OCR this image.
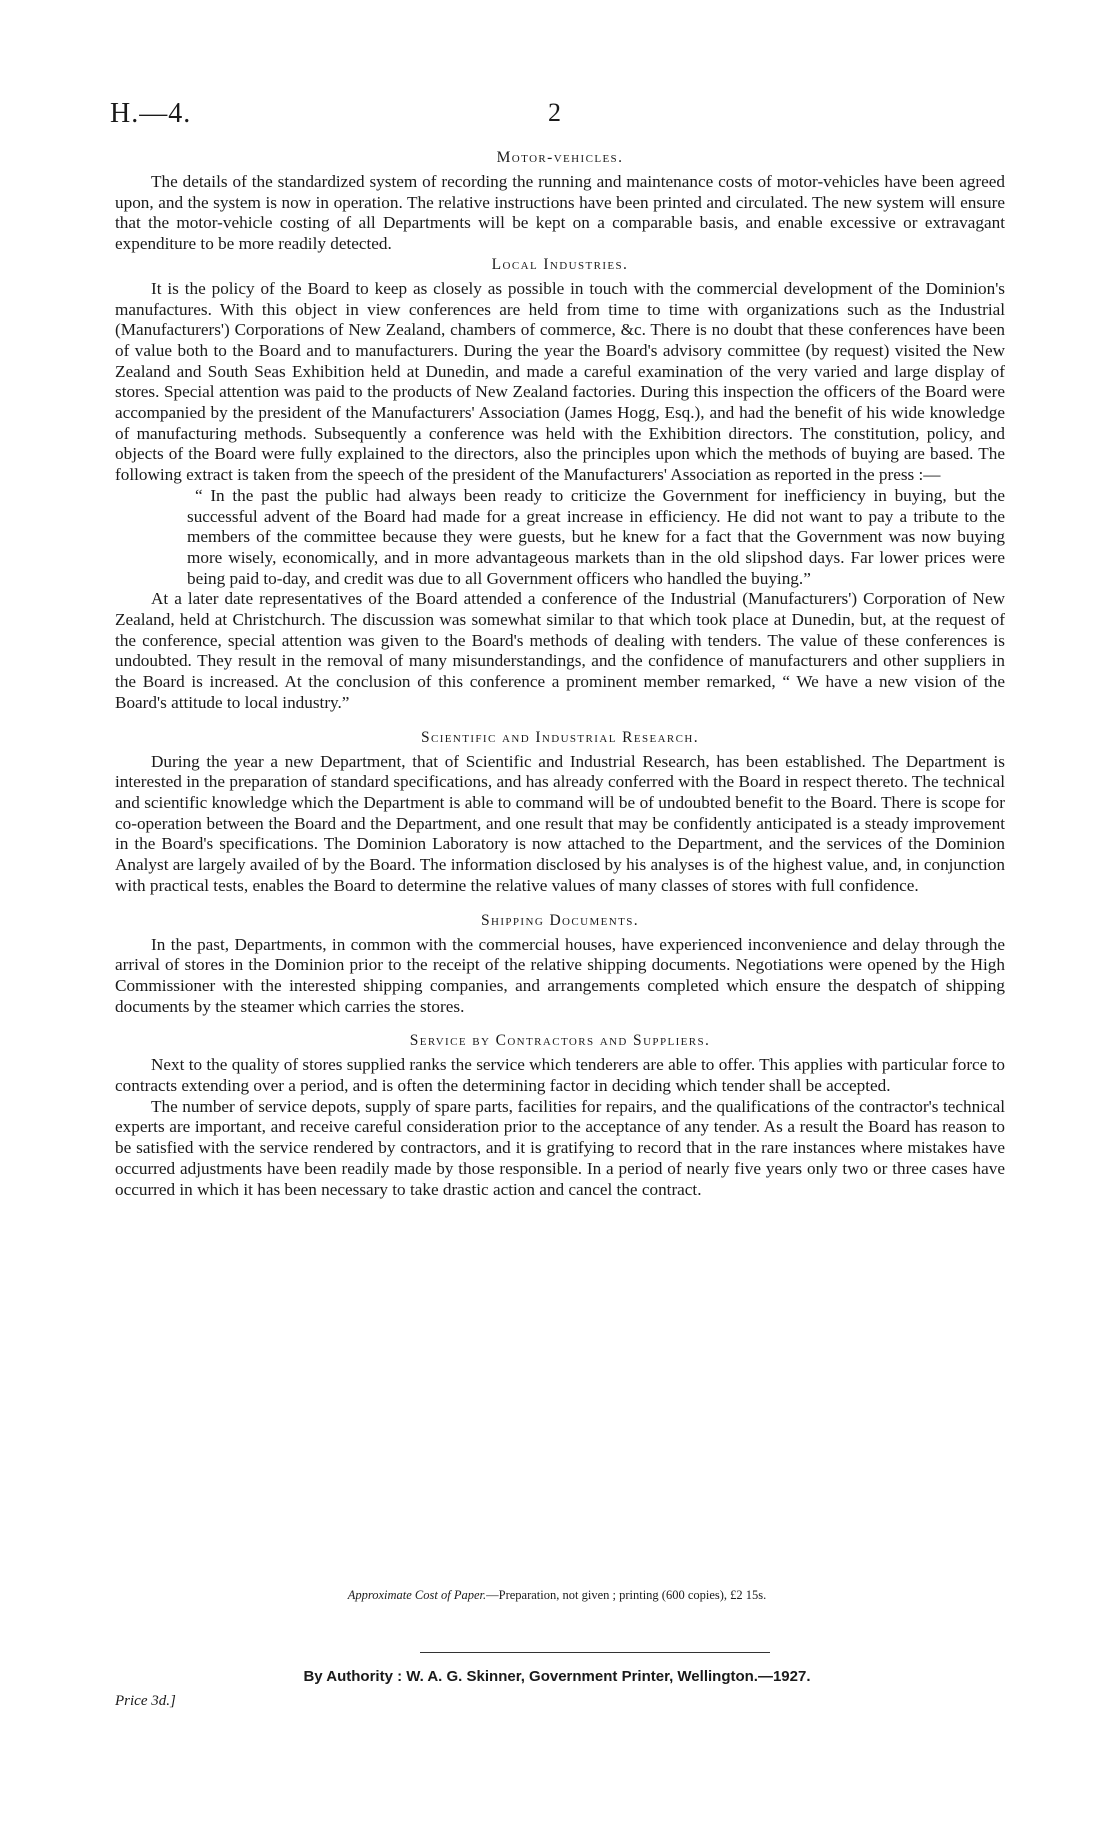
H.—4.	2
Motor-vehicles.

The details of the standardized system of recording the running and maintenance costs of motor-vehicles have been agreed upon, and the system is now in operation. The relative instructions have been printed and circulated. The new system will ensure that the motor-vehicle costing of all Departments will be kept on a comparable basis, and enable excessive or extravagant expenditure to be more readily detected.

Local Industries.

It is the policy of the Board to keep as closely as possible in touch with the commercial development of the Dominion's manufactures. With this object in view conferences are held from time to time with organizations such as the Industrial (Manufacturers') Corporations of New Zealand, chambers of commerce, &c. There is no doubt that these conferences have been of value both to the Board and to manufacturers. During the year the Board's advisory committee (by request) visited the New Zealand and South Seas Exhibition held at Dunedin, and made a careful examination of the very varied and large display of stores. Special attention was paid to the products of New Zealand factories. During this inspection the officers of the Board were accompanied by the president of the Manufacturers' Association (James Hogg, Esq.), and had the benefit of his wide knowledge of manufacturing methods. Subsequently a conference was held with the Exhibition directors. The constitution, policy, and objects of the Board were fully explained to the directors, also the principles upon which the methods of buying are based. The following extract is taken from the speech of the president of the Manufacturers' Association as reported in the press :—

“ In the past the public had always been ready to criticize the Government for inefficiency in buying, but the successful advent of the Board had made for a great increase in efficiency. He did not want to pay a tribute to the members of the committee because they were guests, but he knew for a fact that the Government was now buying more wisely, economically, and in more advantageous markets than in the old slipshod days. Far lower prices were being paid to-day, and credit was due to all Government officers who handled the buying.”

At a later date representatives of the Board attended a conference of the Industrial (Manufacturers') Corporation of New Zealand, held at Christchurch. The discussion was somewhat similar to that which took place at Dunedin, but, at the request of the conference, special attention was given to the Board's methods of dealing with tenders. The value of these conferences is undoubted. They result in the removal of many misunderstandings, and the confidence of manufacturers and other suppliers in the Board is increased. At the conclusion of this conference a prominent member remarked, “ We have a new vision of the Board's attitude to local industry.”

Scientific and Industrial Research.

During the year a new Department, that of Scientific and Industrial Research, has been established. The Department is interested in the preparation of standard specifications, and has already conferred with the Board in respect thereto. The technical and scientific knowledge which the Department is able to command will be of undoubted benefit to the Board. There is scope for co-operation between the Board and the Department, and one result that may be confidently anticipated is a steady improvement in the Board's specifications. The Dominion Laboratory is now attached to the Department, and the services of the Dominion Analyst are largely availed of by the Board. The information disclosed by his analyses is of the highest value, and, in conjunction with practical tests, enables the Board to determine the relative values of many classes of stores with full confidence.

Shipping Documents.

In the past, Departments, in common with the commercial houses, have experienced inconvenience and delay through the arrival of stores in the Dominion prior to the receipt of the relative shipping documents. Negotiations were opened by the High Commissioner with the interested shipping companies, and arrangements completed which ensure the despatch of shipping documents by the steamer which carries the stores.

Service by Contractors and Suppliers.

Next to the quality of stores supplied ranks the service which tenderers are able to offer. This applies with particular force to contracts extending over a period, and is often the determining factor in deciding which tender shall be accepted.

The number of service depots, supply of spare parts, facilities for repairs, and the qualifications of the contractor's technical experts are important, and receive careful consideration prior to the acceptance of any tender. As a result the Board has reason to be satisfied with the service rendered by contractors, and it is gratifying to record that in the rare instances where mistakes have occurred adjustments have been readily made by those responsible. In a period of nearly five years only two or three cases have occurred in which it has been necessary to take drastic action and cancel the contract.

Approximate Cost of Paper.—Preparation, not given ; printing (600 copies), £2 15s.
By Authority : W. A. G. Skinner, Government Printer, Wellington.—1927.
Price 3d.]
